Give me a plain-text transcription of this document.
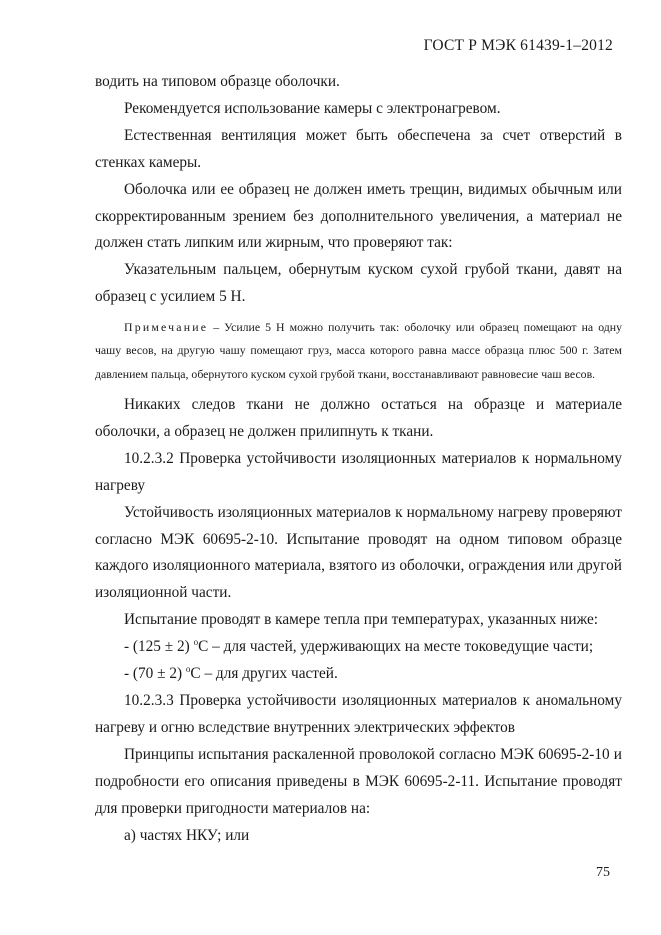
ГОСТ Р МЭК 61439-1–2012

водить на типовом образце оболочки.

Рекомендуется использование камеры с электронагревом.

Естественная вентиляция может быть обеспечена за счет отверстий в стенках камеры.

Оболочка или ее образец не должен иметь трещин, видимых обычным или скорректированным зрением без дополнительного увеличения, а материал не должен стать липким или жирным, что проверяют так:

Указательным пальцем, обернутым куском сухой грубой ткани, давят на образец с усилием 5 Н.

Примечание – Усилие 5 Н можно получить так: оболочку или образец помещают на одну чашу весов, на другую чашу помещают груз, масса которого равна массе образца плюс 500 г. Затем давлением пальца, обернутого куском сухой грубой ткани, восстанавливают равновесие чаш весов.

Никаких следов ткани не должно остаться на образце и материале оболочки, а образец не должен прилипнуть к ткани.

10.2.3.2 Проверка устойчивости изоляционных материалов к нормальному нагреву

Устойчивость изоляционных материалов к нормальному нагреву проверяют согласно МЭК 60695-2-10. Испытание проводят на одном типовом образце каждого изоляционного материала, взятого из оболочки, ограждения или другой изоляционной части.

Испытание проводят в камере тепла при температурах, указанных ниже:

- (125 ± 2) $^о$С – для частей, удерживающих на месте токоведущие части;

- (70 ± 2) $^о$С – для других частей.

10.2.3.3 Проверка устойчивости изоляционных материалов к аномальному нагреву и огню вследствие внутренних электрических эффектов

Принципы испытания раскаленной проволокой согласно МЭК 60695-2-10 и подробности его описания приведены в МЭК 60695-2-11. Испытание проводят для проверки пригодности материалов на:

а) частях НКУ; или

75
